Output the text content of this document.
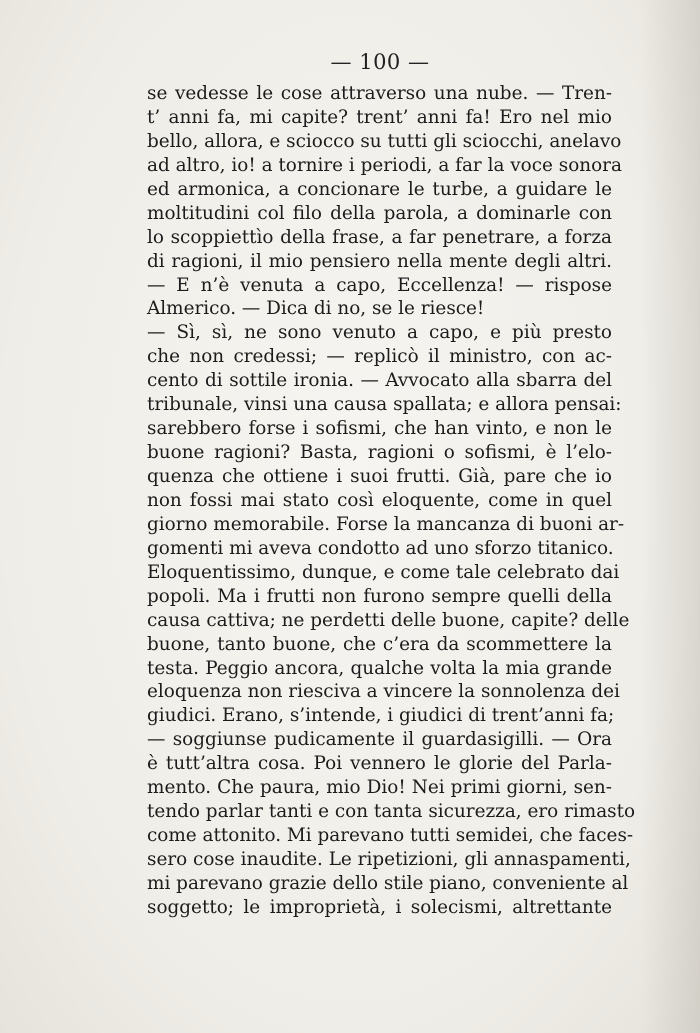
— 100 —
se vedesse le cose attraverso una nube. — Tren-
t’ anni fa, mi capite? trent’ anni fa! Ero nel mio
bello, allora, e sciocco su tutti gli sciocchi, anelavo
ad altro, io! a tornire i periodi, a far la voce sonora
ed armonica, a concionare le turbe, a guidare le
moltitudini col filo della parola, a dominarle con
lo scoppiettìo della frase, a far penetrare, a forza
di ragioni, il mio pensiero nella mente degli altri.
— E n’è venuta a capo, Eccellenza! — rispose
Almerico. — Dica di no, se le riesce!
— Sì, sì, ne sono venuto a capo, e più presto
che non credessi; — replicò il ministro, con ac-
cento di sottile ironia. — Avvocato alla sbarra del
tribunale, vinsi una causa spallata; e allora pensai:
sarebbero forse i sofismi, che han vinto, e non le
buone ragioni? Basta, ragioni o sofismi, è l’elo-
quenza che ottiene i suoi frutti. Già, pare che io
non fossi mai stato così eloquente, come in quel
giorno memorabile. Forse la mancanza di buoni ar-
gomenti mi aveva condotto ad uno sforzo titanico.
Eloquentissimo, dunque, e come tale celebrato dai
popoli. Ma i frutti non furono sempre quelli della
causa cattiva; ne perdetti delle buone, capite? delle
buone, tanto buone, che c’era da scommettere la
testa. Peggio ancora, qualche volta la mia grande
eloquenza non riesciva a vincere la sonnolenza dei
giudici. Erano, s’intende, i giudici di trent’anni fa;
— soggiunse pudicamente il guardasigilli. — Ora
è tutt’altra cosa. Poi vennero le glorie del Parla-
mento. Che paura, mio Dio! Nei primi giorni, sen-
tendo parlar tanti e con tanta sicurezza, ero rimasto
come attonito. Mi parevano tutti semidei, che faces-
sero cose inaudite. Le ripetizioni, gli annaspamenti,
mi parevano grazie dello stile piano, conveniente al
soggetto; le improprietà, i solecismi, altrettante
